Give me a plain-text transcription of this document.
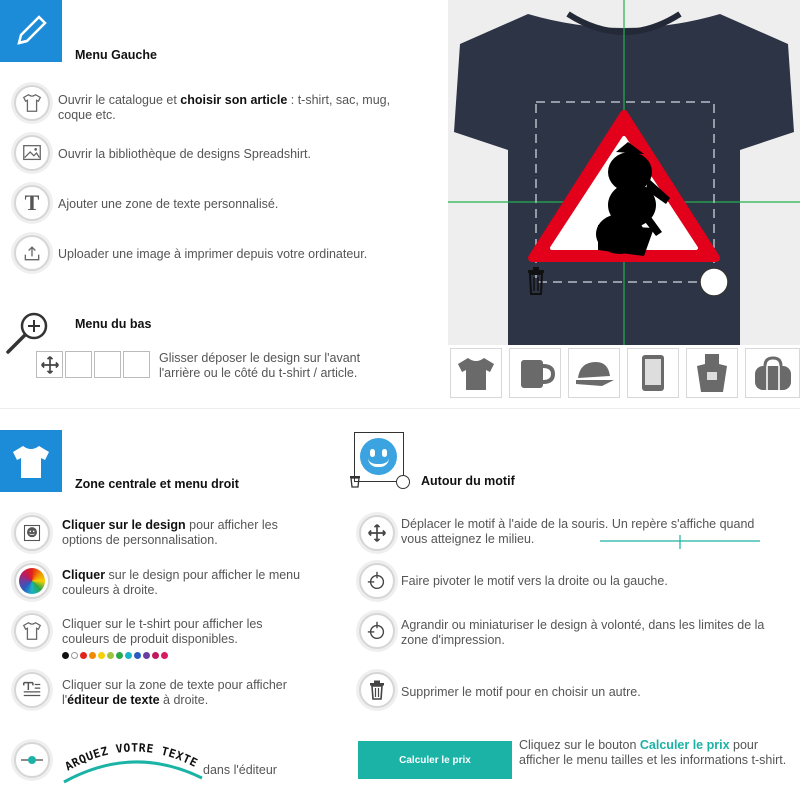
Menu Gauche
Ouvrir le catalogue et choisir son article : t-shirt, sac, mug, coque etc.
Ouvrir la bibliothèque de designs Spreadshirt.
T Ajouter une zone de texte personnalisé.
Uploader une image à imprimer depuis votre ordinateur.
Menu du bas
Glisser déposer le design sur l'avant l'arrière ou le côté du t-shirt / article.
Zone centrale et menu droit
Cliquer sur le design pour afficher les options de personnalisation.
Cliquer sur le design pour afficher le menu couleurs à droite.
Cliquer sur le t-shirt pour afficher les couleurs de produit disponibles.
Cliquer sur la zone de texte pour afficher l'éditeur de texte à droite.
ARQUEZ VOTRE TEXTE dans l'éditeur
Autour du motif
Déplacer le motif à l'aide de la souris. Un repère s'affiche quand vous atteignez le milieu.
Faire pivoter le motif vers la droite ou la gauche.
Agrandir ou miniaturiser le design à volonté, dans les limites de la zone d'impression.
Supprimer le motif pour en choisir un autre.
Calculer le prix
Cliquez sur le bouton Calculer le prix pour afficher le menu tailles et les informations t-shirt.
